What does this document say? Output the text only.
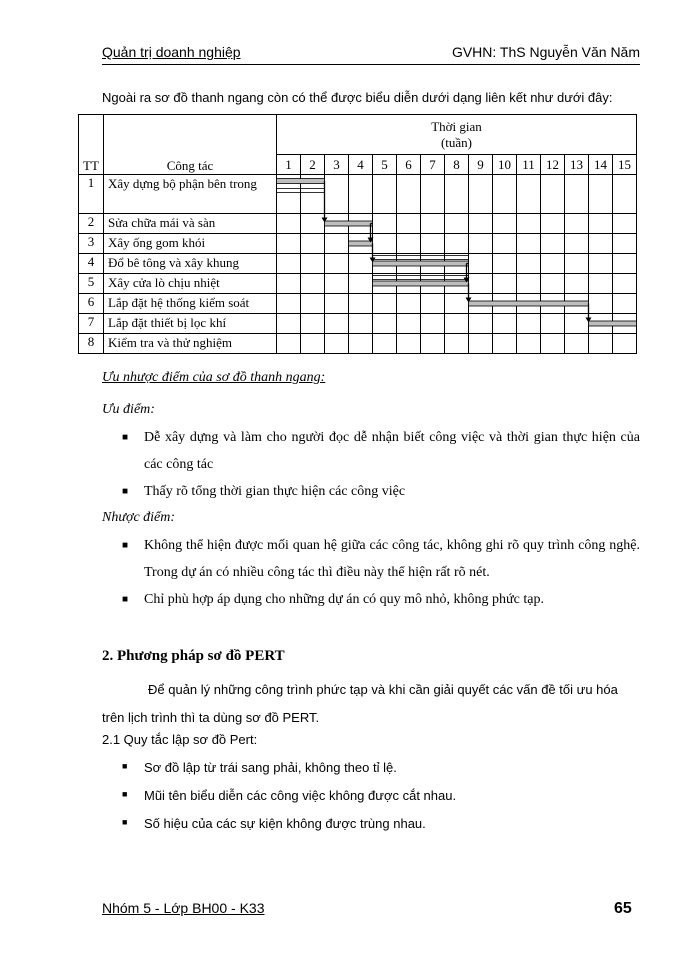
Quản trị doanh nghiệp	GVHN: ThS Nguyễn Văn Năm
Ngoài ra sơ đồ thanh ngang còn có thể được biểu diễn dưới dạng liên kết như dưới đây:
TT	Công tác	Thời gian
(tuần)														

		1	2	3	4	5	6	7	8	9	10	11	12	13	14	15
1	Xây dựng bộ phận bên trong															
2	Sửa chữa mái và sàn															
3	Xây ống gom khói															
4	Đổ bê tông và xây khung															
5	Xây cửa lò chịu nhiệt															
6	Lắp đặt hệ thống kiểm soát															
7	Lắp đặt thiết bị lọc khí															
8	Kiểm tra và thử nghiệm															
Ưu nhược điểm của sơ đồ thanh ngang:
Ưu điểm:
■ Dễ xây dựng và làm cho người đọc dễ nhận biết công việc và thời gian thực hiện của các công tác
■ Thấy rõ tổng thời gian thực hiện các công việc
Nhược điểm:
■ Không thể hiện được mối quan hệ giữa các công tác, không ghi rõ quy trình công nghệ. Trong dự án có nhiều công tác thì điều này thể hiện rất rõ nét.
■ Chỉ phù hợp áp dụng cho những dự án có quy mô nhỏ, không phức tạp.
2. Phương pháp sơ đồ PERT
Để quản lý những công trình phức tạp và khi cần giải quyết các vấn đề tối ưu hóa trên lịch trình thì ta dùng sơ đồ PERT.
2.1 Quy tắc lập sơ đồ Pert:
■ Sơ đồ lập từ trái sang phải, không theo tỉ lệ.
■ Mũi tên biểu diễn các công việc không được cắt nhau.
■ Số hiệu của các sự kiện không được trùng nhau.
Nhóm 5 - Lớp BH00 - K33	65
